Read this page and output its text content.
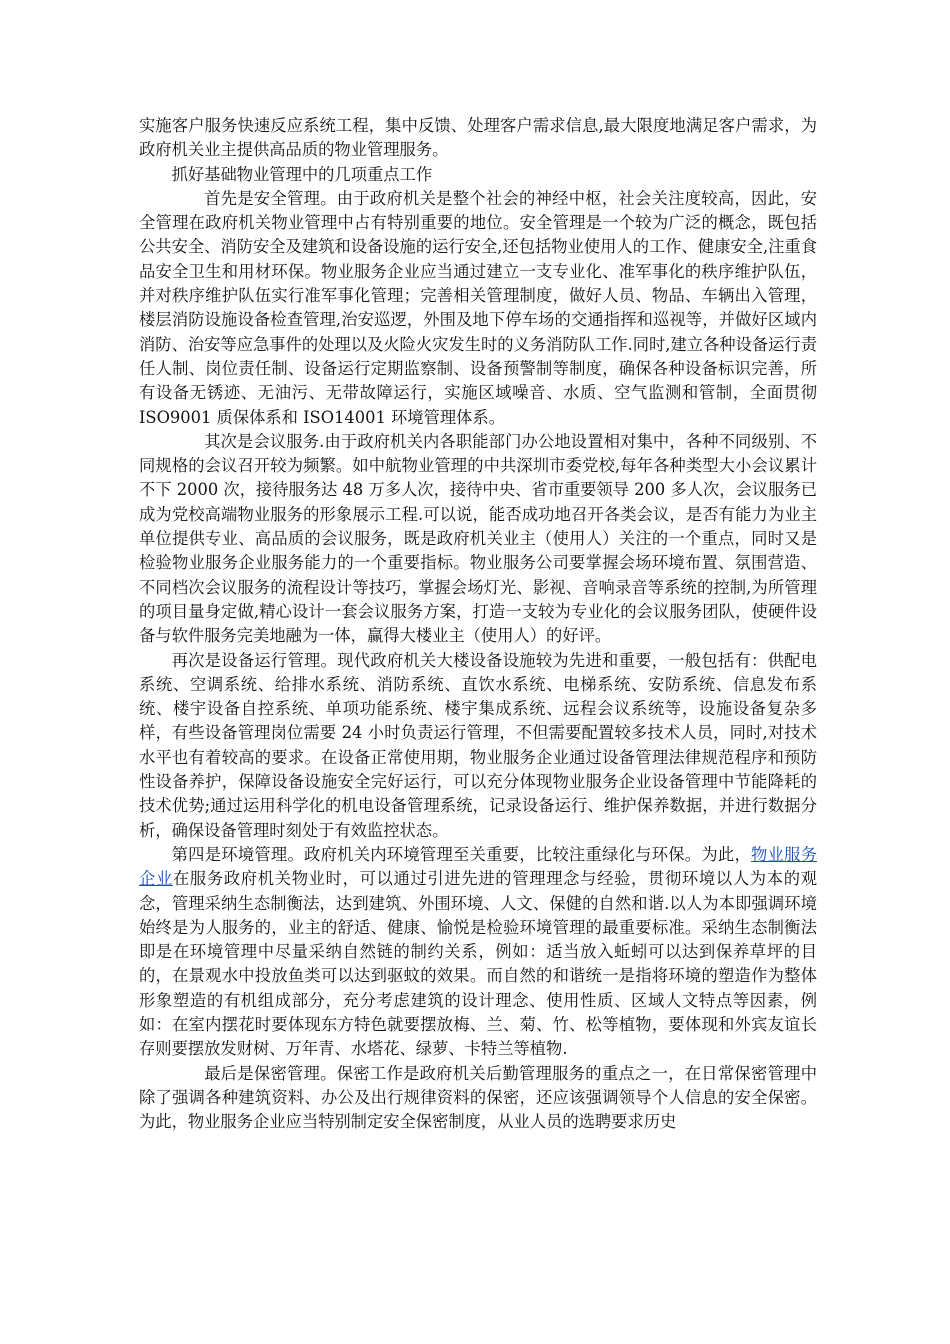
实施客户服务快速反应系统工程，集中反馈、处理客户需求信息,最大限度地满足客户需求，为政府机关业主提供高品质的物业管理服务。

抓好基础物业管理中的几项重点工作

首先是安全管理。由于政府机关是整个社会的神经中枢，社会关注度较高，因此，安全管理在政府机关物业管理中占有特别重要的地位。安全管理是一个较为广泛的概念，既包括公共安全、消防安全及建筑和设备设施的运行安全,还包括物业使用人的工作、健康安全,注重食品安全卫生和用材环保。物业服务企业应当通过建立一支专业化、准军事化的秩序维护队伍，并对秩序维护队伍实行准军事化管理；完善相关管理制度，做好人员、物品、车辆出入管理，楼层消防设施设备检查管理,治安巡逻，外围及地下停车场的交通指挥和巡视等，并做好区域内消防、治安等应急事件的处理以及火险火灾发生时的义务消防队工作.同时,建立各种设备运行责任人制、岗位责任制、设备运行定期监察制、设备预警制等制度，确保各种设备标识完善，所有设备无锈迹、无油污、无带故障运行，实施区域噪音、水质、空气监测和管制，全面贯彻 ISO9001 质保体系和 ISO14001 环境管理体系。

其次是会议服务.由于政府机关内各职能部门办公地设置相对集中，各种不同级别、不同规格的会议召开较为频繁。如中航物业管理的中共深圳市委党校,每年各种类型大小会议累计不下 2000 次，接待服务达 48 万多人次，接待中央、省市重要领导 200 多人次，会议服务已成为党校高端物业服务的形象展示工程.可以说，能否成功地召开各类会议，是否有能力为业主单位提供专业、高品质的会议服务，既是政府机关业主（使用人）关注的一个重点，同时又是检验物业服务企业服务能力的一个重要指标。物业服务公司要掌握会场环境布置、氛围营造、不同档次会议服务的流程设计等技巧，掌握会场灯光、影视、音响录音等系统的控制,为所管理的项目量身定做,精心设计一套会议服务方案，打造一支较为专业化的会议服务团队，使硬件设备与软件服务完美地融为一体，赢得大楼业主（使用人）的好评。

再次是设备运行管理。现代政府机关大楼设备设施较为先进和重要，一般包括有：供配电系统、空调系统、给排水系统、消防系统、直饮水系统、电梯系统、安防系统、信息发布系统、楼宇设备自控系统、单项功能系统、楼宇集成系统、远程会议系统等，设施设备复杂多样，有些设备管理岗位需要 24 小时负责运行管理，不但需要配置较多技术人员，同时,对技术水平也有着较高的要求。在设备正常使用期，物业服务企业通过设备管理法律规范程序和预防性设备养护，保障设备设施安全完好运行，可以充分体现物业服务企业设备管理中节能降耗的技术优势;通过运用科学化的机电设备管理系统，记录设备运行、维护保养数据，并进行数据分析，确保设备管理时刻处于有效监控状态。

第四是环境管理。政府机关内环境管理至关重要，比较注重绿化与环保。为此，物业服务企业在服务政府机关物业时，可以通过引进先进的管理理念与经验，贯彻环境以人为本的观念，管理采纳生态制衡法，达到建筑、外围环境、人文、保健的自然和谐.以人为本即强调环境始终是为人服务的，业主的舒适、健康、愉悦是检验环境管理的最重要标准。采纳生态制衡法即是在环境管理中尽量采纳自然链的制约关系，例如：适当放入蚯蚓可以达到保养草坪的目的，在景观水中投放鱼类可以达到驱蚊的效果。而自然的和谐统一是指将环境的塑造作为整体形象塑造的有机组成部分，充分考虑建筑的设计理念、使用性质、区域人文特点等因素，例如：在室内摆花时要体现东方特色就要摆放梅、兰、菊、竹、松等植物，要体现和外宾友谊长存则要摆放发财树、万年青、水塔花、绿萝、卡特兰等植物.

最后是保密管理。保密工作是政府机关后勤管理服务的重点之一，在日常保密管理中除了强调各种建筑资料、办公及出行规律资料的保密，还应该强调领导个人信息的安全保密。为此，物业服务企业应当特别制定安全保密制度，从业人员的选聘要求历史
